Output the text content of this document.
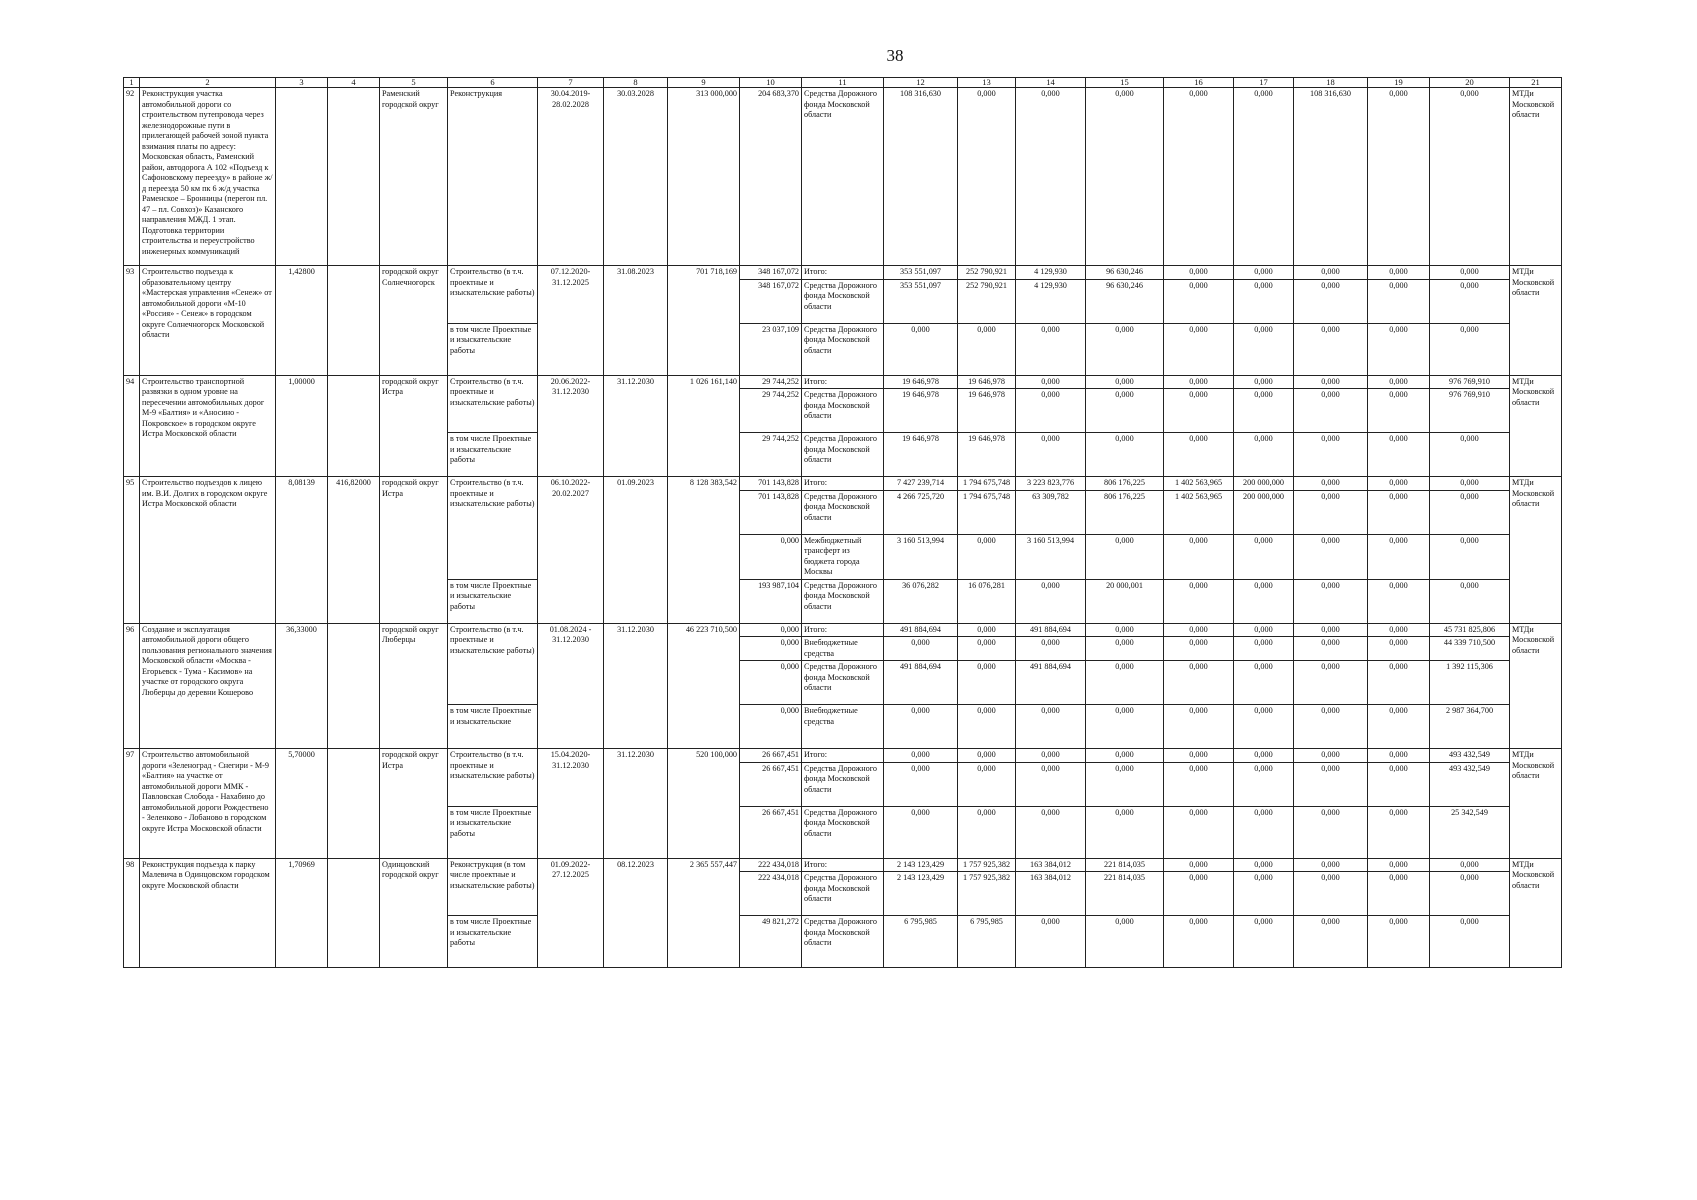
38
1	2	3	4	5	6	7	8	9	10	11	12	13	14	15	16	17	18	19	20	21
92	Реконструкция участка автомобильной дороги со строительством путепровода через железнодорожные пути в прилегающей рабочей зоной пункта взимания платы по адресу: Московская область, Раменский район, автодорога А 102 «Подъезд к Сафоновскому переезду» в районе ж/д переезда 50 км пк 6 ж/д участка Раменское – Бронницы (перегон пл. 47 – пл. Совхоз)» Казанского направления МЖД. 1 этап. Подготовка территории строительства и переустройство инженерных коммуникаций			Раменский городской округ	Реконструкция	30.04.2019-28.02.2028	30.03.2028	313 000,000	204 683,370	Средства Дорожного фонда Московской области	108 316,630	0,000	0,000	0,000	0,000	0,000	108 316,630	0,000	0,000	МТДи Московской области
93	Строительство подъезда к образовательному центру «Мастерская управления «Сенеж» от автомобильной дороги «М-10 «Россия» - Сенеж» в городском округе Солнечногорск Московской области	1,42800		городской округ Солнечногорск	Строительство (в т.ч. проектные и изыскательские работы)	07.12.2020-31.12.2025	31.08.2023	701 718,169	348 167,072	Итого:	353 551,097	252 790,921	4 129,930	96 630,246	0,000	0,000	0,000	0,000	0,000	МТДи Московской области
									348 167,072	Средства Дорожного фонда Московской области	353 551,097	252 790,921	4 129,930	96 630,246	0,000	0,000	0,000	0,000	0,000	
					в том числе Проектные и изыскательские работы				23 037,109	Средства Дорожного фонда Московской области	0,000	0,000	0,000	0,000	0,000	0,000	0,000	0,000	0,000	
94	Строительство транспортной развязки в одном уровне на пересечении автомобильных дорог М-9 «Балтия» и «Аносино - Покровское» в городском округе Истра Московской области	1,00000		городской округ Истра	Строительство (в т.ч. проектные и изыскательские работы)	20.06.2022-31.12.2030	31.12.2030	1 026 161,140	29 744,252	Итого:	19 646,978	19 646,978	0,000	0,000	0,000	0,000	0,000	0,000	976 769,910	МТДи Московской области
									29 744,252	Средства Дорожного фонда Московской области	19 646,978	19 646,978	0,000	0,000	0,000	0,000	0,000	0,000	976 769,910	
					в том числе Проектные и изыскательские работы				29 744,252	Средства Дорожного фонда Московской области	19 646,978	19 646,978	0,000	0,000	0,000	0,000	0,000	0,000	0,000	
95	Строительство подъездов к лицею им. В.И. Долгих в городском округе Истра Московской области	8,08139	416,82000	городской округ Истра	Строительство (в т.ч. проектные и изыскательские работы)	06.10.2022-20.02.2027	01.09.2023	8 128 383,542	701 143,828	Итого:	7 427 239,714	1 794 675,748	3 223 823,776	806 176,225	1 402 563,965	200 000,000	0,000	0,000	0,000	МТДи Московской области
									701 143,828	Средства Дорожного фонда Московской области	4 266 725,720	1 794 675,748	63 309,782	806 176,225	1 402 563,965	200 000,000	0,000	0,000	0,000	
									0,000	Межбюджетный трансферт из бюджета города Москвы	3 160 513,994	0,000	3 160 513,994	0,000	0,000	0,000	0,000	0,000	0,000	
					в том числе Проектные и изыскательские работы				193 987,104	Средства Дорожного фонда Московской области	36 076,282	16 076,281	0,000	20 000,001	0,000	0,000	0,000	0,000	0,000	
96	Создание и эксплуатация автомобильной дороги общего пользования регионального значения Московской области «Москва - Егорьевск - Тума - Касимов» на участке от городского округа Люберцы до деревни Кошерово	36,33000		городской округ Люберцы	Строительство (в т.ч. проектные и изыскательские работы)	01.08.2024 - 31.12.2030	31.12.2030	46 223 710,500	0,000	Итого:	491 884,694	0,000	491 884,694	0,000	0,000	0,000	0,000	0,000	45 731 825,806	МТДи Московской области
									0,000	Внебюджетные средства	0,000	0,000	0,000	0,000	0,000	0,000	0,000	0,000	44 339 710,500	
									0,000	Средства Дорожного фонда Московской области	491 884,694	0,000	491 884,694	0,000	0,000	0,000	0,000	0,000	1 392 115,306	
					в том числе Проектные и изыскательские				0,000	Внебюджетные средства	0,000	0,000	0,000	0,000	0,000	0,000	0,000	0,000	2 987 364,700	
97	Строительство автомобильной дороги «Зеленоград - Снегири - М-9 «Балтия» на участке от автомобильной дороги ММК - Павловская Слобода - Нахабино до автомобильной дороги Рождествено - Зеленково - Лобаново в городском округе Истра Московской области	5,70000		городской округ Истра	Строительство (в т.ч. проектные и изыскательские работы)	15.04.2020-31.12.2030	31.12.2030	520 100,000	26 667,451	Итого:	0,000	0,000	0,000	0,000	0,000	0,000	0,000	0,000	493 432,549	МТДи Московской области
									26 667,451	Средства Дорожного фонда Московской области	0,000	0,000	0,000	0,000	0,000	0,000	0,000	0,000	493 432,549	
					в том числе Проектные и изыскательские работы				26 667,451	Средства Дорожного фонда Московской области	0,000	0,000	0,000	0,000	0,000	0,000	0,000	0,000	25 342,549	
98	Реконструкция подъезда к парку Малевича в Одинцовском городском округе Московской области	1,70969		Одинцовский городской округ	Реконструкция (в том числе проектные и изыскательские работы)	01.09.2022-27.12.2025	08.12.2023	2 365 557,447	222 434,018	Итого:	2 143 123,429	1 757 925,382	163 384,012	221 814,035	0,000	0,000	0,000	0,000	0,000	МТДи Московской области
									222 434,018	Средства Дорожного фонда Московской области	2 143 123,429	1 757 925,382	163 384,012	221 814,035	0,000	0,000	0,000	0,000	0,000	
					в том числе Проектные и изыскательские работы				49 821,272	Средства Дорожного фонда Московской области	6 795,985	6 795,985	0,000	0,000	0,000	0,000	0,000	0,000	0,000	
